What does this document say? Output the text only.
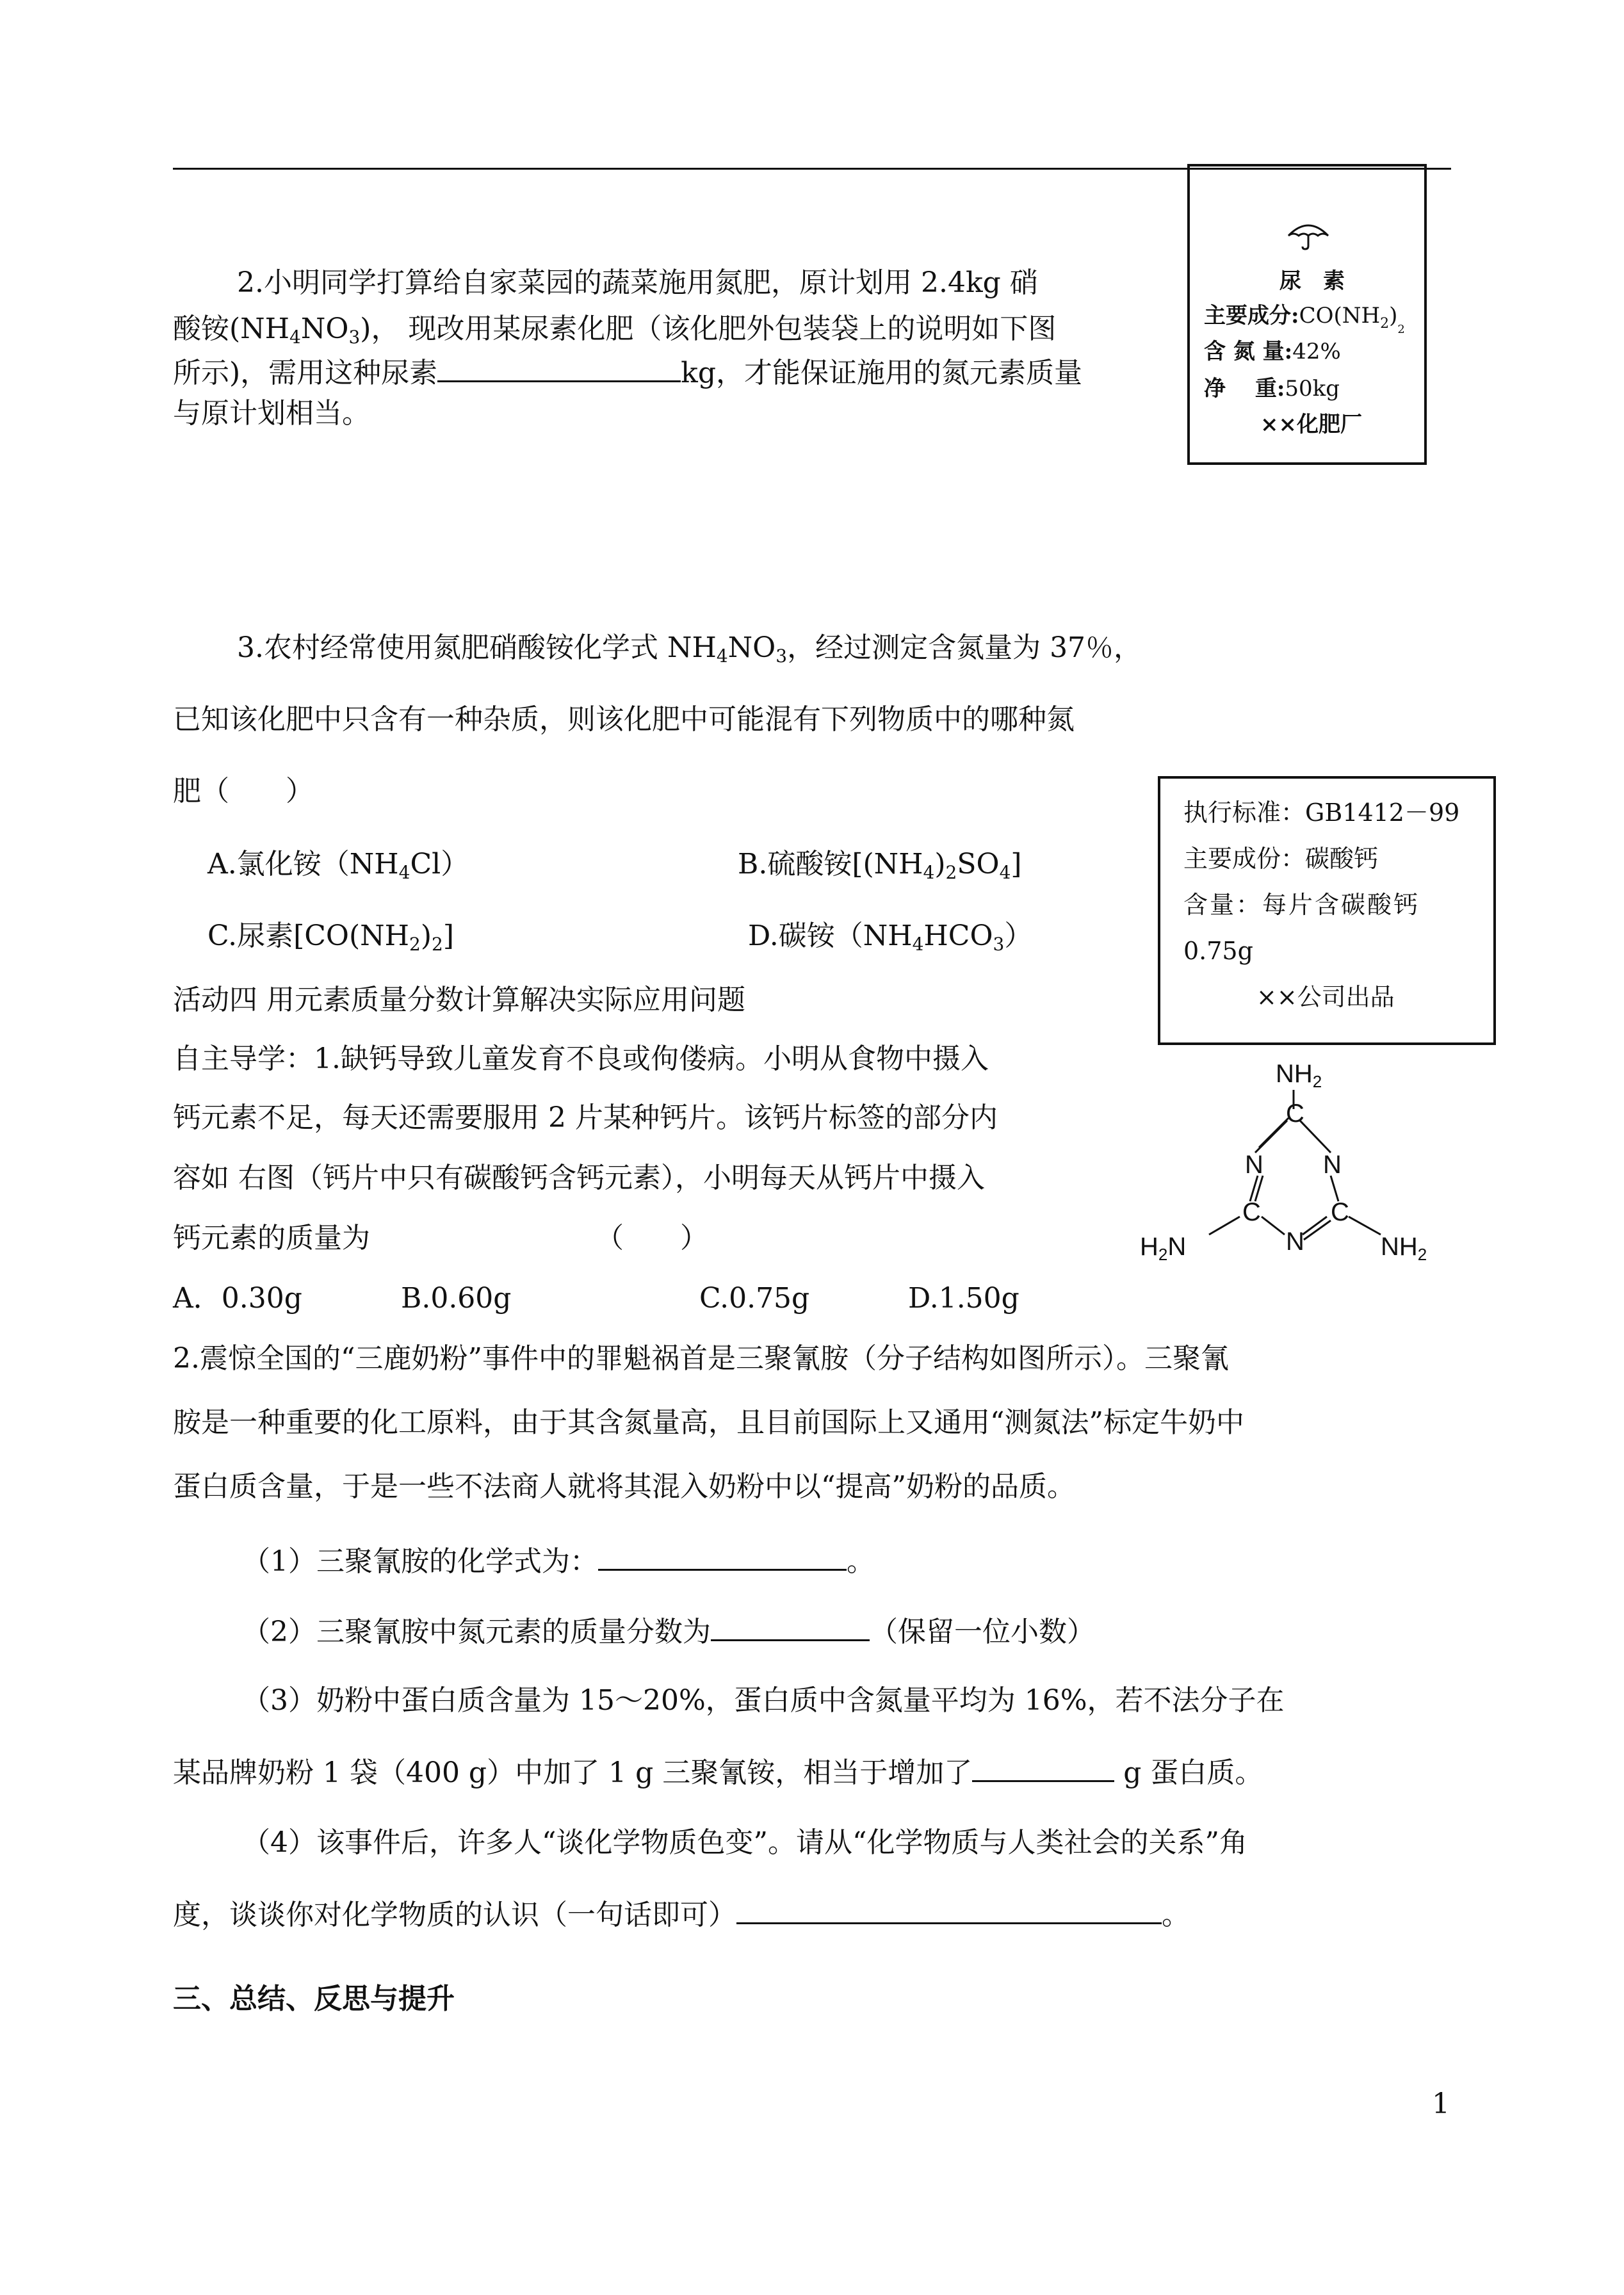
2.小明同学打算给自家菜园的蔬菜施用氮肥，原计划用 2.4kg 硝
酸铵$(NH_4NO_3)$， 现改用某尿素化肥（该化肥外包装袋上的说明如下图
所示)，需用这种尿素	kg，才能保证施用的氮元素质量
与原计划相当。
尿　素
主要成分$:CO(NH_2)_2$
含 氮 量:42%
净　 重:50kg
××化肥厂
3.农村经常使用氮肥硝酸铵化学式 $NH_4NO_3$，经过测定含氮量为 37％，
已知该化肥中只含有一种杂质，则该化肥中可能混有下列物质中的哪种氮
肥（　　）
A.氯化铵$(NH_4Cl)$	B.硫酸铵$[(NH_4)_2SO_4]$
C.尿素$[CO(NH_2)_2]$	D.碳铵$(NH_4HCO_3)$
执行标准：GB1412－99
主要成份：碳酸钙
含量：每片含碳酸钙
0.75g
××公司出品
活动四 用元素质量分数计算解决实际应用问题
自主导学：1.缺钙导致儿童发育不良或佝偻病。小明从食物中摄入
钙元素不足，每天还需要服用 2 片某种钙片。该钙片标签的部分内
容如 右图（钙片中只有碳酸钙含钙元素），小明每天从钙片中摄入
钙元素的质量为	（　　）
A．0.30g	B.0.60g	C.0.75g	D.1.50g
$NH_2$
C
N N
C	C
N
$H_2N$	$NH_2$
2.震惊全国的“三鹿奶粉”事件中的罪魁祸首是三聚氰胺（分子结构如图所示）。三聚氰
胺是一种重要的化工原料，由于其含氮量高，且目前国际上又通用“测氮法”标定牛奶中
蛋白质含量，于是一些不法商人就将其混入奶粉中以“提高”奶粉的品质。
（1）三聚氰胺的化学式为：	。
（2）三聚氰胺中氮元素的质量分数为	（保留一位小数）
（3）奶粉中蛋白质含量为 15～20%，蛋白质中含氮量平均为 16%，若不法分子在
某品牌奶粉 1 袋（400 g）中加了 1 g 三聚氰铵，相当于增加了	g 蛋白质。
（4）该事件后，许多人“谈化学物质色变”。请从“化学物质与人类社会的关系”角
度，谈谈你对化学物质的认识（一句话即可）	。
三、总结、反思与提升
1
